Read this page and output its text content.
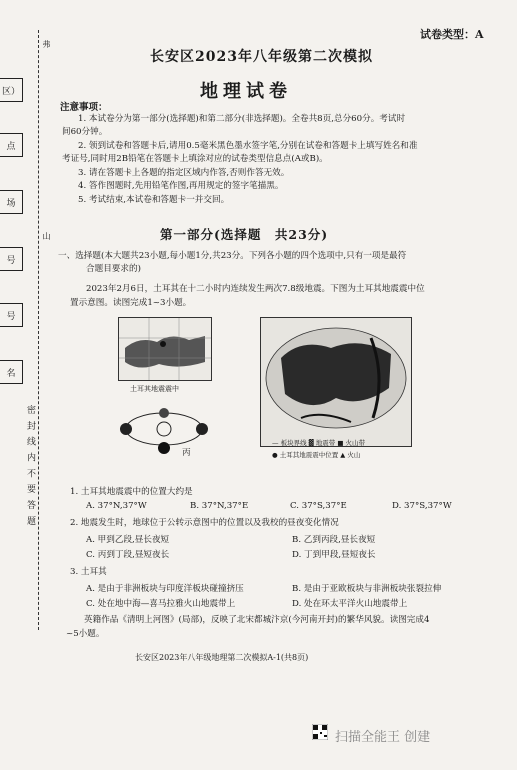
区）
点
场
号
号
名
弗
山
密 封 线 内 不 要 答 题
试卷类型：A
长安区2023年八年级第二次模拟
地理试卷
注意事项：
1. 本试卷分为第一部分(选择题)和第二部分(非选择题)。全卷共8页,总分60分。考试时
间60分钟。
2. 领到试卷和答题卡后,请用0.5毫米黑色墨水签字笔,分别在试卷和答题卡上填写姓名和准
考证号,同时用2B铅笔在答题卡上填涂对应的试卷类型信息点(A或B)。
3. 请在答题卡上各题的指定区域内作答,否则作答无效。
4. 答作图题时,先用铅笔作图,再用规定的签字笔描黑。
5. 考试结束,本试卷和答题卡一并交回。
第一部分(选择题　共23分)
一、选择题(本大题共23小题,每小题1分,共23分。下列各小题的四个选项中,只有一项是最符
合题目要求的)
2023年2月6日，土耳其在十二小时内连续发生两次7.8级地震。下图为土耳其地震震中位
置示意图。读图完成1~3小题。
土耳其地震震中
丙
— 板块界线 ▓ 地震带 ■ 火山带
● 土耳其地震震中位置 ▲ 火山
1. 土耳其地震震中的位置大约是
A. 37°N,37°W	B. 37°N,37°E	C. 37°S,37°E	D. 37°S,37°W
2. 地震发生时，地球位于公转示意图中的位置以及我校的昼夜变化情况
A. 甲到乙段,昼长夜短	B. 乙到丙段,昼长夜短
C. 丙到丁段,昼短夜长	D. 丁到甲段,昼短夜长
3. 土耳其
A. 是由于非洲板块与印度洋板块碰撞挤压	B. 是由于亚欧板块与非洲板块张裂拉伸
C. 处在地中海—喜马拉雅火山地震带上	D. 处在环太平洋火山地震带上
英籍作品《清明上河图》(局部)，反映了北宋都城汴京(今河南开封)的繁华风貌。读图完成4
~5小题。
长安区2023年八年级地理第二次模拟A-1(共8页)
扫描全能王 创建
